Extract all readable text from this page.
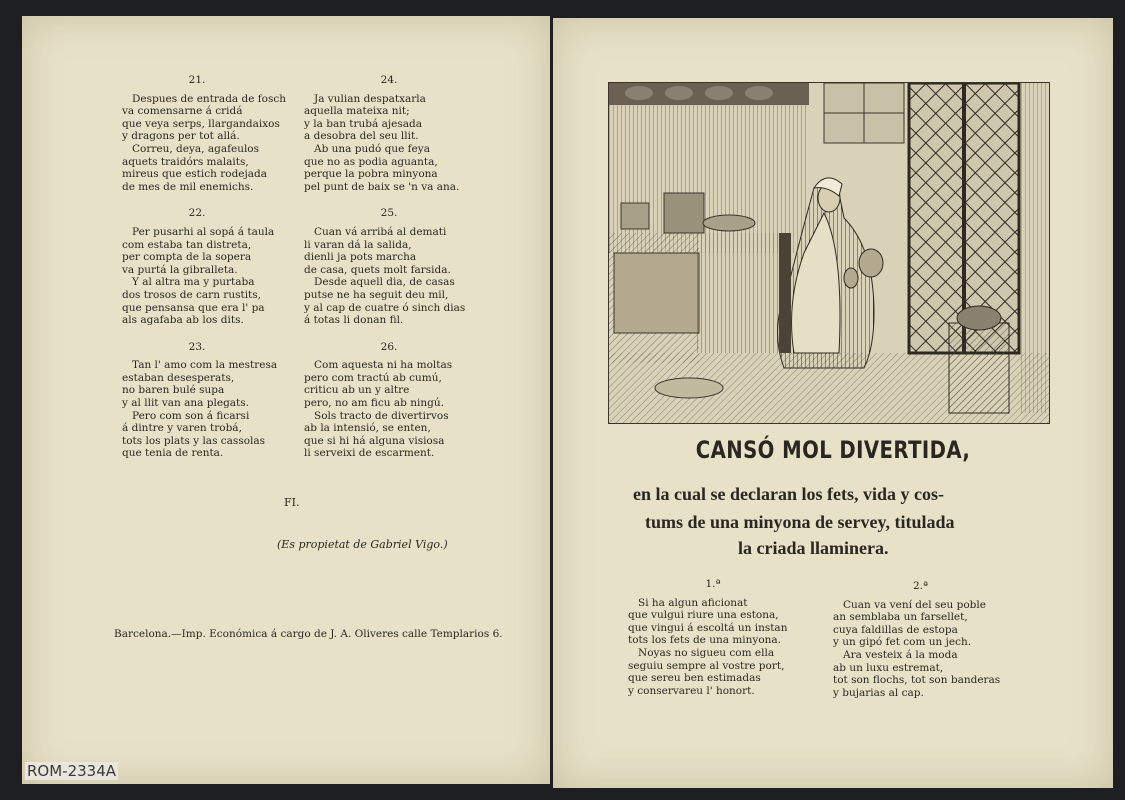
21.
Despues de entrada de fosch
va comensarne á cridá
que veya serps, llargandaixos
y dragons per tot allá.
Correu, deya, agafeulos
aquets traidórs malaits,
mireus que estich rodejada
de mes de mil enemichs.
22.
Per pusarhi al sopá á taula
com estaba tan distreta,
per compta de la sopera
va purtá la gibralleta.
Y al altra ma y purtaba
dos trosos de carn rustits,
que pensansa que era l' pa
als agafaba ab los dits.
23.
Tan l' amo com la mestresa
estaban desesperats,
no baren bulé supa
y al llit van ana plegats.
Pero com son á ficarsi
á dintre y varen trobá,
tots los plats y las cassolas
que tenia de renta.
24.
Ja vulian despatxarla
aquella mateixa nit;
y la ban trubá ajesada
a desobra del seu llit.
Ab una pudó que feya
que no as podia aguanta,
perque la pobra minyona
pel punt de baix se 'n va ana.
25.
Cuan vá arribá al demati
li varan dá la salida,
dienli ja pots marcha
de casa, quets molt farsida.
Desde aquell dia, de casas
putse ne ha seguit deu mil,
y al cap de cuatre ó sinch dias
á totas li donan fil.
26.
Com aquesta ni ha moltas
pero com tractú ab cumú,
criticu ab un y altre
pero, no am ficu ab ningú.
Sols tracto de divertirvos
ab la intensió, se enten,
que si hi há alguna visiosa
li serveixi de escarment.
FI.
(Es propietat de Gabriel Vigo.)
Barcelona.—Imp. Económica á cargo de J. A. Oliveres calle Templarios 6.
CANSÓ MOL DIVERTIDA,
en la cual se declaran los fets, vida y cos-
tums de una minyona de servey, titulada
la criada llaminera.
1.ª
Si ha algun aficionat
que vulgui riure una estona,
que vingui á escoltá un instan
tots los fets de una minyona.
Noyas no sigueu com ella
seguiu sempre al vostre port,
que sereu ben estimadas
y conservareu l' honort.
2.ª
Cuan va vení del seu poble
an semblaba un farsellet,
cuya faldillas de estopa
y un gipó fet com un jech.
Ara vesteix á la moda
ab un luxu estremat,
tot son flochs, tot son banderas
y bujarias al cap.
ROM-2334A
